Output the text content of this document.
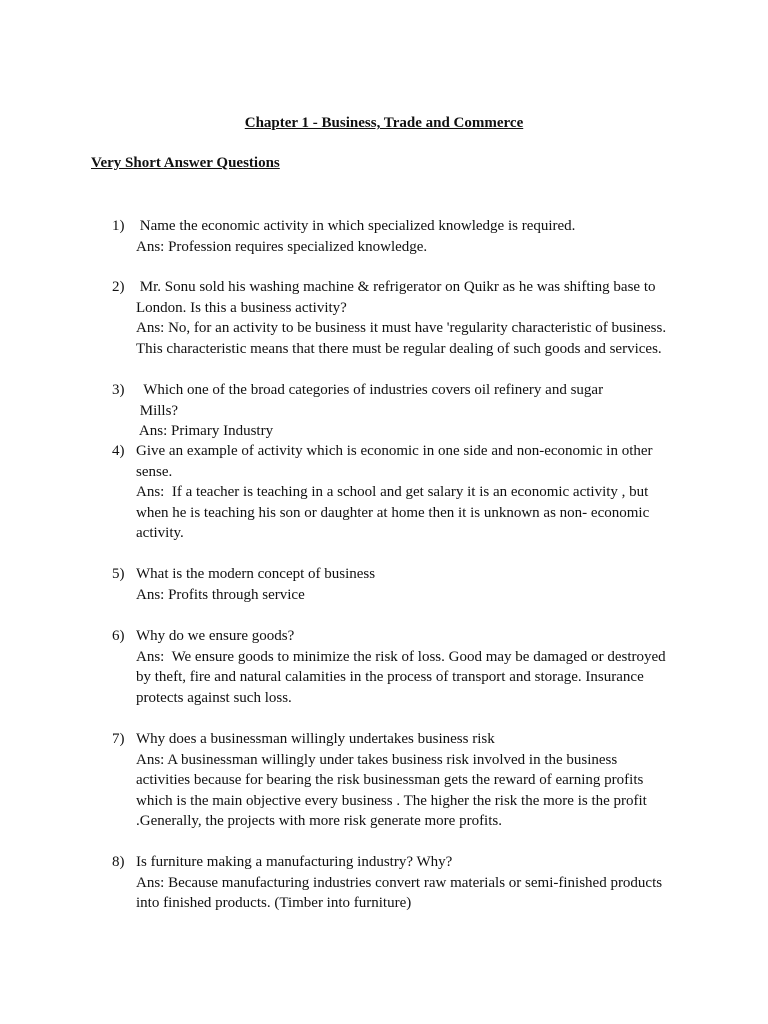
Chapter 1 - Business, Trade and Commerce
Very Short Answer Questions
1) Name the economic activity in which specialized knowledge is required.
Ans: Profession requires specialized knowledge.
2) Mr. Sonu sold his washing machine & refrigerator on Quikr as he was shifting base to
London. Is this a business activity?
Ans: No, for an activity to be business it must have 'regularity characteristic of business.
This characteristic means that there must be regular dealing of such goods and services.
3) Which one of the broad categories of industries covers oil refinery and sugar
Mills?
Ans: Primary Industry
4) Give an example of activity which is economic in one side and non-economic in other
sense.
Ans:  If a teacher is teaching in a school and get salary it is an economic activity , but
when he is teaching his son or daughter at home then it is unknown as non- economic
activity.
5) What is the modern concept of business
Ans: Profits through service
6) Why do we ensure goods?
Ans:  We ensure goods to minimize the risk of loss. Good may be damaged or destroyed
by theft, fire and natural calamities in the process of transport and storage. Insurance
protects against such loss.
7) Why does a businessman willingly undertakes business risk
Ans: A businessman willingly under takes business risk involved in the business
activities because for bearing the risk businessman gets the reward of earning profits
which is the main objective every business . The higher the risk the more is the profit
.Generally, the projects with more risk generate more profits.
8) Is furniture making a manufacturing industry? Why?
Ans: Because manufacturing industries convert raw materials or semi-finished products
into finished products. (Timber into furniture)
